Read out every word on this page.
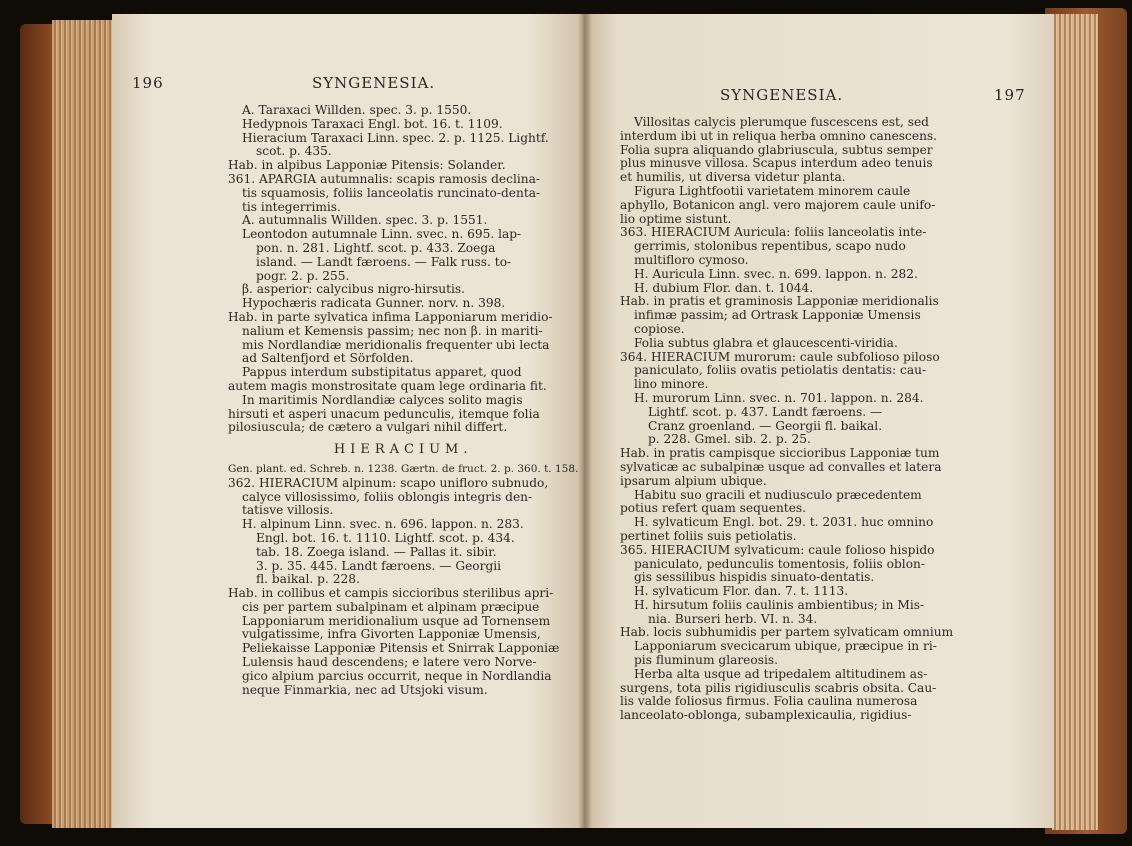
196	SYNGENESIA.

A. Taraxaci Willden. spec. 3. p. 1550.

Hedypnois Taraxaci Engl. bot. 16. t. 1109.

Hieracium Taraxaci Linn. spec. 2. p. 1125. Lightf.

scot. p. 435.

Hab. in alpibus Lapponiæ Pitensis: Solander.

361. APARGIA autumnalis: scapis ramosis declina-

tis squamosis, foliis lanceolatis runcinato-denta-

tis integerrimis.

A. autumnalis Willden. spec. 3. p. 1551.

Leontodon autumnale Linn. svec. n. 695. lap-

pon. n. 281. Lightf. scot. p. 433. Zoega

island. — Landt færoens. — Falk russ. to-

pogr. 2. p. 255.

β. asperior: calycibus nigro-hirsutis.

Hypochæris radicata Gunner. norv. n. 398.

Hab. in parte sylvatica infima Lapponiarum meridio-

nalium et Kemensis passim; nec non β. in mariti-

mis Nordlandiæ meridionalis frequenter ubi lecta

ad Saltenfjord et Sörfolden.

Pappus interdum substipitatus apparet, quod

autem magis monstrositate quam lege ordinaria fit.

In maritimis Nordlandiæ calyces solito magis

hirsuti et asperi unacum pedunculis, itemque folia

pilosiuscula; de cætero a vulgari nihil differt.

HIERACIUM.

Gen. plant. ed. Schreb. n. 1238. Gærtn. de fruct. 2. p. 360. t. 158.

362. HIERACIUM alpinum: scapo unifloro subnudo,

calyce villosissimo, foliis oblongis integris den-

tatisve villosis.

H. alpinum Linn. svec. n. 696. lappon. n. 283.

Engl. bot. 16. t. 1110. Lightf. scot. p. 434.

tab. 18. Zoega island. — Pallas it. sibir.

3. p. 35. 445. Landt færoens. — Georgii

fl. baikal. p. 228.

Hab. in collibus et campis siccioribus sterilibus apri-

cis per partem subalpinam et alpinam præcipue

Lapponiarum meridionalium usque ad Tornensem

vulgatissime, infra Givorten Lapponiæ Umensis,

Peliekaisse Lapponiæ Pitensis et Snirrak Lapponiæ

Lulensis haud descendens; e latere vero Norve-

gico alpium parcius occurrit, neque in Nordlandia

neque Finmarkia, nec ad Utsjoki visum.

SYNGENESIA.	197

Villositas calycis plerumque fuscescens est, sed

interdum ibi ut in reliqua herba omnino canescens.

Folia supra aliquando glabriuscula, subtus semper

plus minusve villosa. Scapus interdum adeo tenuis

et humilis, ut diversa videtur planta.

Figura Lightfootii varietatem minorem caule

aphyllo, Botanicon angl. vero majorem caule unifo-

lio optime sistunt.

363. HIERACIUM Auricula: foliis lanceolatis inte-

gerrimis, stolonibus repentibus, scapo nudo

multifloro cymoso.

H. Auricula Linn. svec. n. 699. lappon. n. 282.

H. dubium Flor. dan. t. 1044.

Hab. in pratis et graminosis Lapponiæ meridionalis

infimæ passim; ad Ortrask Lapponiæ Umensis

copiose.

Folia subtus glabra et glaucescenti-viridia.

364. HIERACIUM murorum: caule subfolioso piloso

paniculato, foliis ovatis petiolatis dentatis: cau-

lino minore.

H. murorum Linn. svec. n. 701. lappon. n. 284.

Lightf. scot. p. 437. Landt færoens. —

Cranz groenland. — Georgii fl. baikal.

p. 228. Gmel. sib. 2. p. 25.

Hab. in pratis campisque siccioribus Lapponiæ tum

sylvaticæ ac subalpinæ usque ad convalles et latera

ipsarum alpium ubique.

Habitu suo gracili et nudiusculo præcedentem

potius refert quam sequentes.

H. sylvaticum Engl. bot. 29. t. 2031. huc omnino

pertinet foliis suis petiolatis.

365. HIERACIUM sylvaticum: caule folioso hispido

paniculato, pedunculis tomentosis, foliis oblon-

gis sessilibus hispidis sinuato-dentatis.

H. sylvaticum Flor. dan. 7. t. 1113.

H. hirsutum foliis caulinis ambientibus; in Mis-

nia. Burseri herb. VI. n. 34.

Hab. locis subhumidis per partem sylvaticam omnium

Lapponiarum svecicarum ubique, præcipue in ri-

pis fluminum glareosis.

Herba alta usque ad tripedalem altitudinem as-

surgens, tota pilis rigidiusculis scabris obsita. Cau-

lis valde foliosus firmus. Folia caulina numerosa

lanceolato-oblonga, subamplexicaulia, rigidius-
